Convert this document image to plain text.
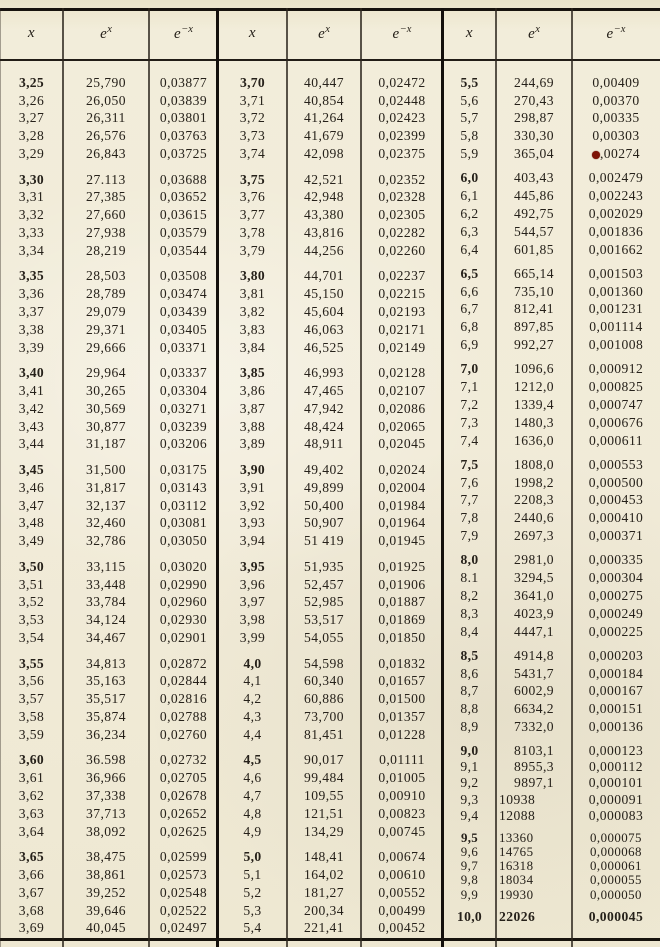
x	$e^x$	$e^{-x}$
3,25	25,790	0,03877
3,26	26,050	0,03839
3,27	26,311	0,03801
3,28	26,576	0,03763
3,29	26,843	0,03725
3,30	27.113	0,03688
3,31	27,385	0,03652
3,32	27,660	0,03615
3,33	27,938	0,03579
3,34	28,219	0,03544
3,35	28,503	0,03508
3,36	28,789	0,03474
3,37	29,079	0,03439
3,38	29,371	0,03405
3,39	29,666	0,03371
3,40	29,964	0,03337
3,41	30,265	0,03304
3,42	30,569	0,03271
3,43	30,877	0,03239
3,44	31,187	0,03206
3,45	31,500	0,03175
3,46	31,817	0,03143
3,47	32,137	0,03112
3,48	32,460	0,03081
3,49	32,786	0,03050
3,50	33,115	0,03020
3,51	33,448	0,02990
3,52	33,784	0,02960
3,53	34,124	0,02930
3,54	34,467	0,02901
3,55	34,813	0,02872
3,56	35,163	0,02844
3,57	35,517	0,02816
3,58	35,874	0,02788
3,59	36,234	0,02760
3,60	36.598	0,02732
3,61	36,966	0,02705
3,62	37,338	0,02678
3,63	37,713	0,02652
3,64	38,092	0,02625
3,65	38,475	0,02599
3,66	38,861	0,02573
3,67	39,252	0,02548
3,68	39,646	0,02522
3,69	40,045	0,02497
x	$e^x$	$e^{-x}$
3,70	40,447	0,02472
3,71	40,854	0,02448
3,72	41,264	0,02423
3,73	41,679	0,02399
3,74	42,098	0,02375
3,75	42,521	0,02352
3,76	42,948	0,02328
3,77	43,380	0,02305
3,78	43,816	0,02282
3,79	44,256	0,02260
3,80	44,701	0,02237
3,81	45,150	0,02215
3,82	45,604	0,02193
3,83	46,063	0,02171
3,84	46,525	0,02149
3,85	46,993	0,02128
3,86	47,465	0,02107
3,87	47,942	0,02086
3,88	48,424	0,02065
3,89	48,911	0,02045
3,90	49,402	0,02024
3,91	49,899	0,02004
3,92	50,400	0,01984
3,93	50,907	0,01964
3,94	51 419	0,01945
3,95	51,935	0,01925
3,96	52,457	0,01906
3,97	52,985	0,01887
3,98	53,517	0,01869
3,99	54,055	0,01850
4,0	54,598	0,01832
4,1	60,340	0,01657
4,2	60,886	0,01500
4,3	73,700	0,01357
4,4	81,451	0,01228
4,5	90,017	0,01111
4,6	99,484	0,01005
4,7	109,55	0,00910
4,8	121,51	0,00823
4,9	134,29	0,00745
5,0	148,41	0,00674
5,1	164,02	0,00610
5,2	181,27	0,00552
5,3	200,34	0,00499
5,4	221,41	0,00452
x	$e^x$	$e^{-x}$
5,5	244,69	0,00409
5,6	270,43	0,00370
5,7	298,87	0,00335
5,8	330,30	0,00303
5,9	365,04	,00274
6,0	403,43	0,002479
6,1	445,86	0,002243
6,2	492,75	0,002029
6,3	544,57	0,001836
6,4	601,85	0,001662
6,5	665,14	0,001503
6,6	735,10	0,001360
6,7	812,41	0,001231
6,8	897,85	0,001114
6,9	992,27	0,001008
7,0	1096,6	0,000912
7,1	1212,0	0,000825
7,2	1339,4	0,000747
7,3	1480,3	0,000676
7,4	1636,0	0,000611
7,5	1808,0	0,000553
7,6	1998,2	0,000500
7,7	2208,3	0,000453
7,8	2440,6	0,000410
7,9	2697,3	0,000371
8,0	2981,0	0,000335
8.1	3294,5	0,000304
8,2	3641,0	0,000275
8,3	4023,9	0,000249
8,4	4447,1	0,000225
8,5	4914,8	0,000203
8,6	5431,7	0,000184
8,7	6002,9	0,000167
8,8	6634,2	0,000151
8,9	7332,0	0,000136
9,0	8103,1	0,000123
9,1	8955,3	0,000112
9,2	9897,1	0,000101
9,3	10938	0,000091
9,4	12088	0,000083
9,5	13360	0,000075
9,6	14765	0,000068
9,7	16318	0,000061
9,8	18034	0,000055
9,9	19930	0,000050
10,0	22026	0,000045
